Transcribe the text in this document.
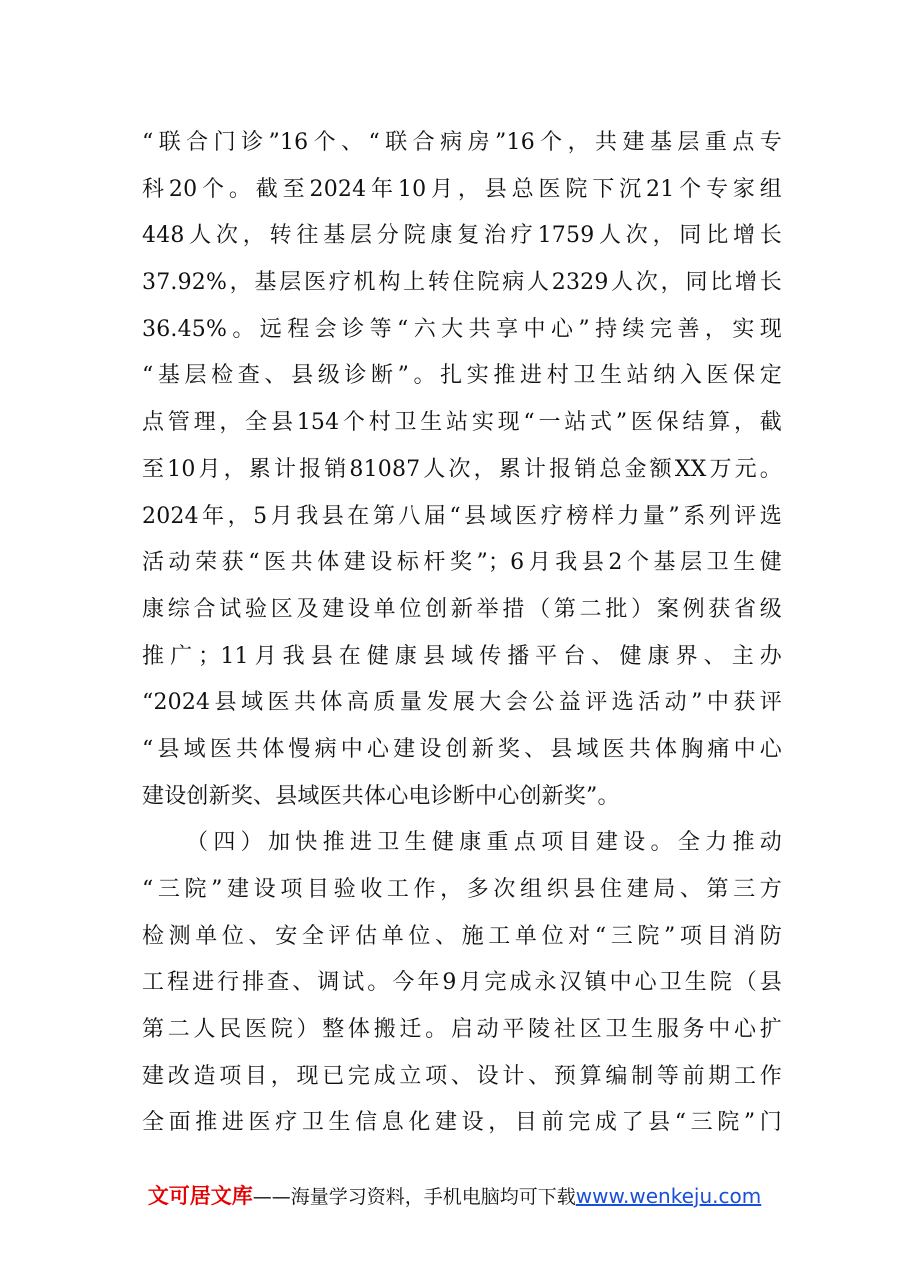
“联合门诊”16个、“联合病房”16个，共建基层重点专
科20个。截至2024年10月，县总医院下沉21个专家组
448人次，转往基层分院康复治疗1759人次，同比增长
37.92%，基层医疗机构上转住院病人2329人次，同比增长
36.45%。远程会诊等“六大共享中心”持续完善，实现
“基层检查、县级诊断”。扎实推进村卫生站纳入医保定
点管理，全县154个村卫生站实现“一站式”医保结算，截
至10月，累计报销81087人次，累计报销总金额XX万元。
2024年，5月我县在第八届“县域医疗榜样力量”系列评选
活动荣获“医共体建设标杆奖”；6月我县2个基层卫生健
康综合试验区及建设单位创新举措（第二批）案例获省级
推广；11月我县在健康县域传播平台、健康界、主办
“2024县域医共体高质量发展大会公益评选活动”中获评
“县域医共体慢病中心建设创新奖、县域医共体胸痛中心
建设创新奖、县域医共体心电诊断中心创新奖”。
（四）加快推进卫生健康重点项目建设。全力推动
“三院”建设项目验收工作，多次组织县住建局、第三方
检测单位、安全评估单位、施工单位对“三院”项目消防
工程进行排查、调试。今年9月完成永汉镇中心卫生院（县
第二人民医院）整体搬迁。启动平陵社区卫生服务中心扩
建改造项目，现已完成立项、设计、预算编制等前期工作
全面推进医疗卫生信息化建设，目前完成了县“三院”门
文可居文库——海量学习资料，手机电脑均可下载www.wenkeju.com
